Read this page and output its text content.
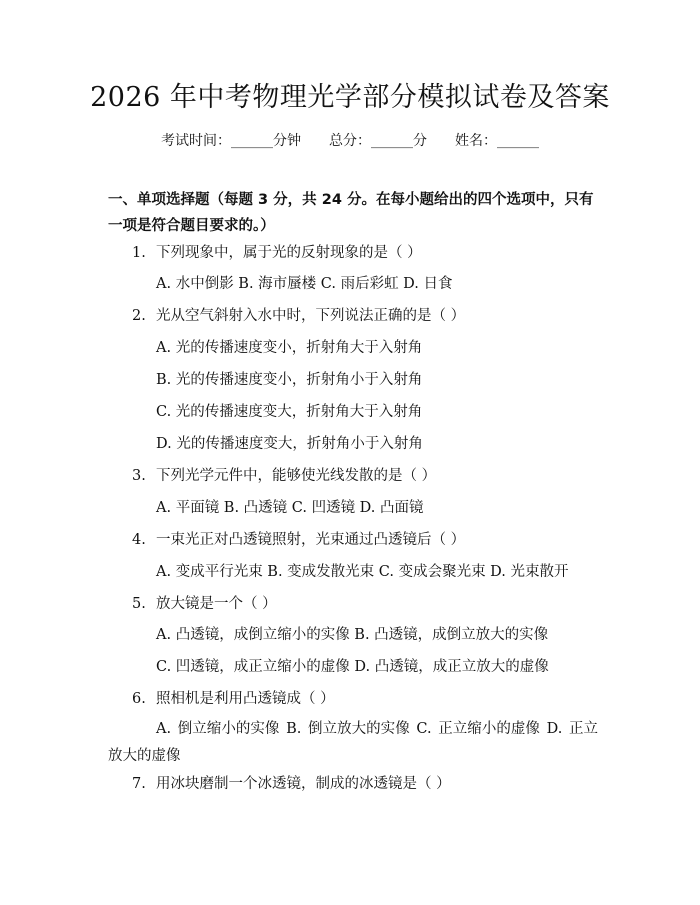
2026 年中考物理光学部分模拟试卷及答案
考试时间：______分钟 总分：______分 姓名：______
一、单项选择题（每题 3 分，共 24 分。在每小题给出的四个选项中，只有一项是符合题目要求的。）
1. 下列现象中，属于光的反射现象的是（ ）
A. 水中倒影 B. 海市蜃楼 C. 雨后彩虹 D. 日食
2. 光从空气斜射入水中时，下列说法正确的是（ ）
A. 光的传播速度变小，折射角大于入射角
B. 光的传播速度变小，折射角小于入射角
C. 光的传播速度变大，折射角大于入射角
D. 光的传播速度变大，折射角小于入射角
3. 下列光学元件中，能够使光线发散的是（ ）
A. 平面镜 B. 凸透镜 C. 凹透镜 D. 凸面镜
4. 一束光正对凸透镜照射，光束通过凸透镜后（ ）
A. 变成平行光束 B. 变成发散光束 C. 变成会聚光束 D. 光束散开
5. 放大镜是一个（ ）
A. 凸透镜，成倒立缩小的实像 B. 凸透镜，成倒立放大的实像
C. 凹透镜，成正立缩小的虚像 D. 凸透镜，成正立放大的虚像
6. 照相机是利用凸透镜成（ ）
A. 倒立缩小的实像 B. 倒立放大的实像 C. 正立缩小的虚像 D. 正立放大的虚像
7. 用冰块磨制一个冰透镜，制成的冰透镜是（ ）
